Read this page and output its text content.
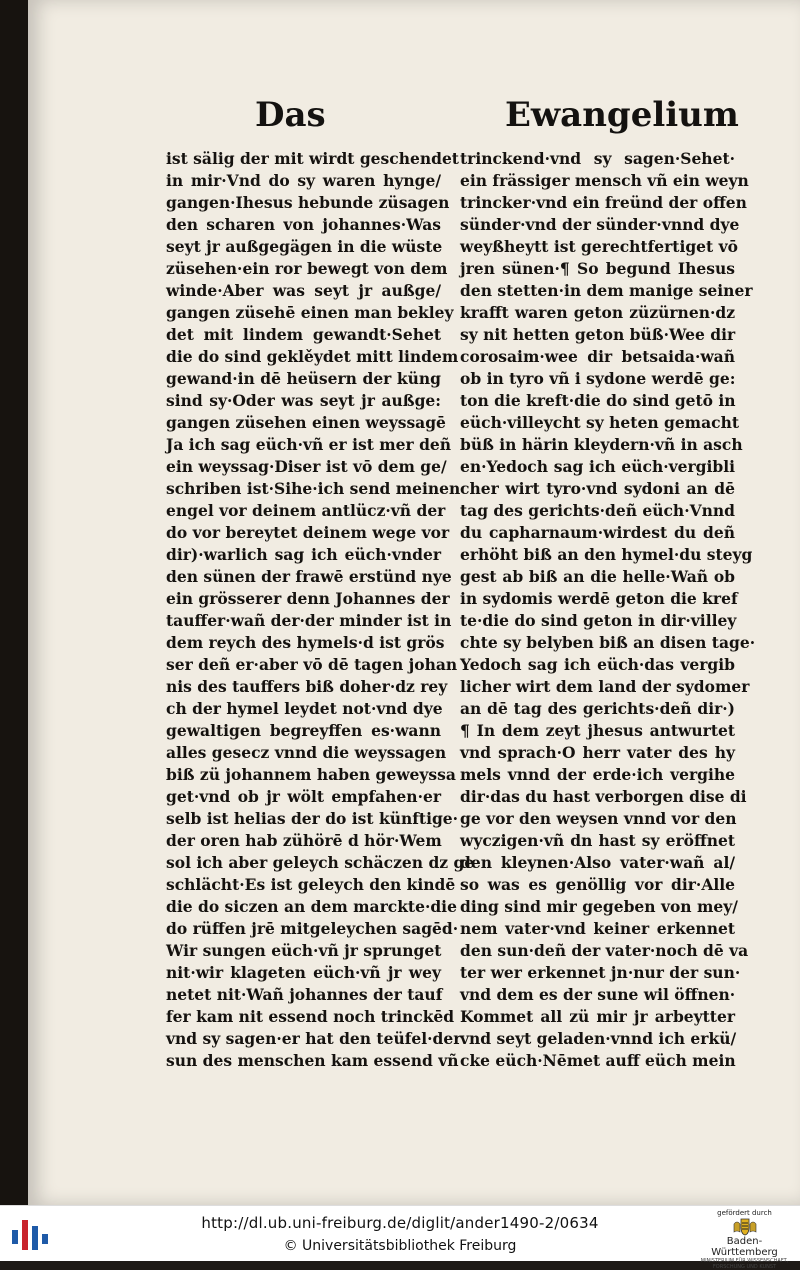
Das	Ewangelium
ist sälig der mit wirdt geschendet
in mir·Vnd do sy waren hynge/
gangen·Ihesus hebunde züsagen
den scharen von johannes·Was
seyt jr außgegägen in die wüste
züsehen·ein ror bewegt von dem
winde·Aber was seyt jr außge/
gangen züsehē einen man bekley
det mit lindem gewandt·Sehet
die do sind geklěydet mitt lindem
gewand·in dē heüsern der küng
sind sy·Oder was seyt jr außge:
gangen züsehen einen weyssagē
Ja ich sag eüch·vñ er ist mer deñ
ein weyssag·Diser ist vō dem ge/
schriben ist·Sihe·ich send meinen
engel vor deinem antlücz·vñ der
do vor bereytet deinem wege vor
dir)·warlich sag ich eüch·vnder
den sünen der frawē erstünd nye
ein grösserer denn Johannes der
tauffer·wañ der·der minder ist in
dem reych des hymels·d ist grös
ser deñ er·aber vō dē tagen johan
nis des tauffers biß doher·dz rey
ch der hymel leydet not·vnd dye
gewaltigen begreyffen es·wann
alles gesecz vnnd die weyssagen
biß zü johannem haben geweyssa
get·vnd ob jr wölt empfahen·er
selb ist helias der do ist künftige·
der oren hab zühörē d hör·Wem
sol ich aber geleych schäczen dz ge
schlächt·Es ist geleych den kindē
die do siczen an dem marckte·die
do rüffen jrē mitgeleychen sagēd·
Wir sungen eüch·vñ jr sprunget
nit·wir klageten eüch·vñ jr wey
netet nit·Wañ johannes der tauf
fer kam nit essend noch trinckēd
vnd sy sagen·er hat den teüfel·der
sun des menschen kam essend vñ
trinckend·vnd sy sagen·Sehet·
ein frässiger mensch vñ ein weyn
trincker·vnd ein freünd der offen
sünder·vnd der sünder·vnnd dye
weyßheytt ist gerechtfertiget vō
jren sünen·¶ So begund Ihesus
den stetten·in dem manige seiner
krafft waren geton züzürnen·dz
sy nit hetten geton büß·Wee dir
corosaim·wee dir betsaida·wañ
ob in tyro vñ i sydone werdē ge:
ton die kreft·die do sind getō in
eüch·villeycht sy heten gemacht
büß in härin kleydern·vñ in asch
en·Yedoch sag ich eüch·vergibli
cher wirt tyro·vnd sydoni an dē
tag des gerichts·deñ eüch·Vnnd
du capharnaum·wirdest du deñ
erhöht biß an den hymel·du steyg
gest ab biß an die helle·Wañ ob
in sydomis werdē geton die kref
te·die do sind geton in dir·villey
chte sy belyben biß an disen tage·
Yedoch sag ich eüch·das vergib
licher wirt dem land der sydomer
an dē tag des gerichts·deñ dir·)
¶ In dem zeyt jhesus antwurtet
vnd sprach·O herr vater des hy
mels vnnd der erde·ich vergihe
dir·das du hast verborgen dise di
ge vor den weysen vnnd vor den
wyczigen·vñ dn hast sy eröffnet
den kleynen·Also vater·wañ al/
so was es genöllig vor dir·Alle
ding sind mir gegeben von mey/
nem vater·vnd keiner erkennet
den sun·deñ der vater·noch dē va
ter wer erkennet jn·nur der sun·
vnd dem es der sune wil öffnen·
Kommet all zü mir jr arbeytter
vnd seyt geladen·vnnd ich erkü/
cke eüch·Nēmet auff eüch mein
http://dl.ub.uni-freiburg.de/diglit/ander1490-2/0634
© Universitätsbibliothek Freiburg
gefördert durch
Baden-Württemberg
MINISTERIUM FÜR WISSENSCHAFT, FORSCHUNG UND KUNST
